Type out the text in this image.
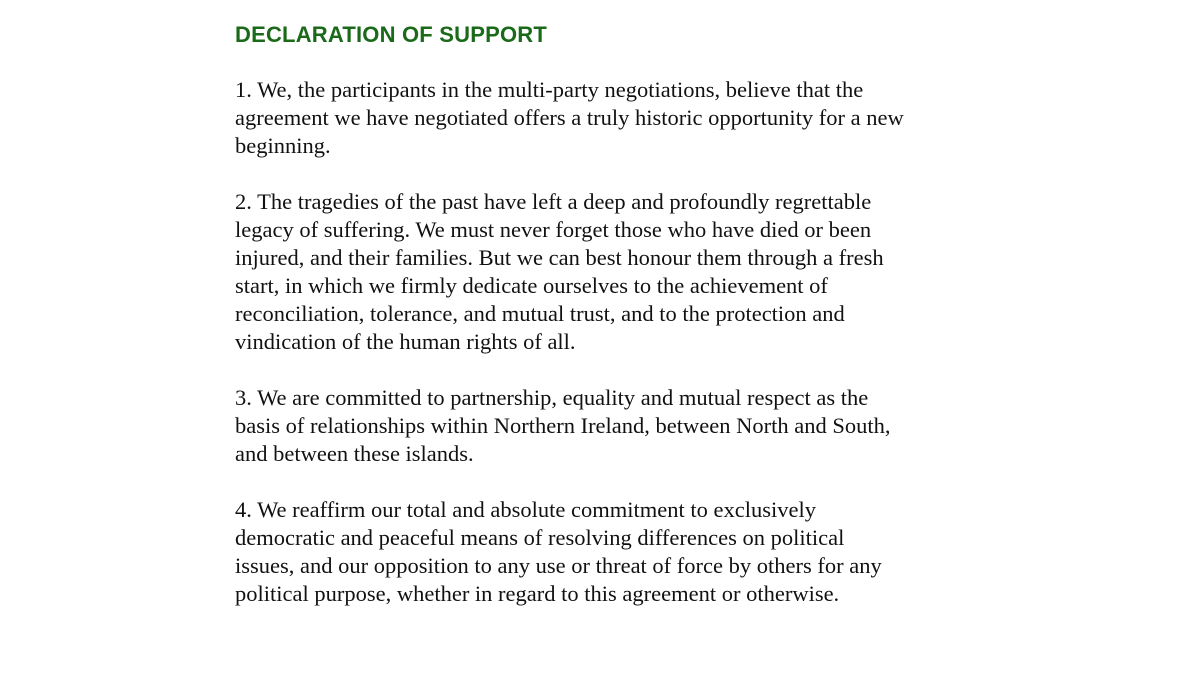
DECLARATION OF SUPPORT

1. We, the participants in the multi-party negotiations, believe that the
agreement we have negotiated offers a truly historic opportunity for a new
beginning.

2. The tragedies of the past have left a deep and profoundly regrettable
legacy of suffering. We must never forget those who have died or been
injured, and their families. But we can best honour them through a fresh
start, in which we firmly dedicate ourselves to the achievement of
reconciliation, tolerance, and mutual trust, and to the protection and
vindication of the human rights of all.

3. We are committed to partnership, equality and mutual respect as the
basis of relationships within Northern Ireland, between North and South,
and between these islands.

4. We reaffirm our total and absolute commitment to exclusively
democratic and peaceful means of resolving differences on political
issues, and our opposition to any use or threat of force by others for any
political purpose, whether in regard to this agreement or otherwise.
